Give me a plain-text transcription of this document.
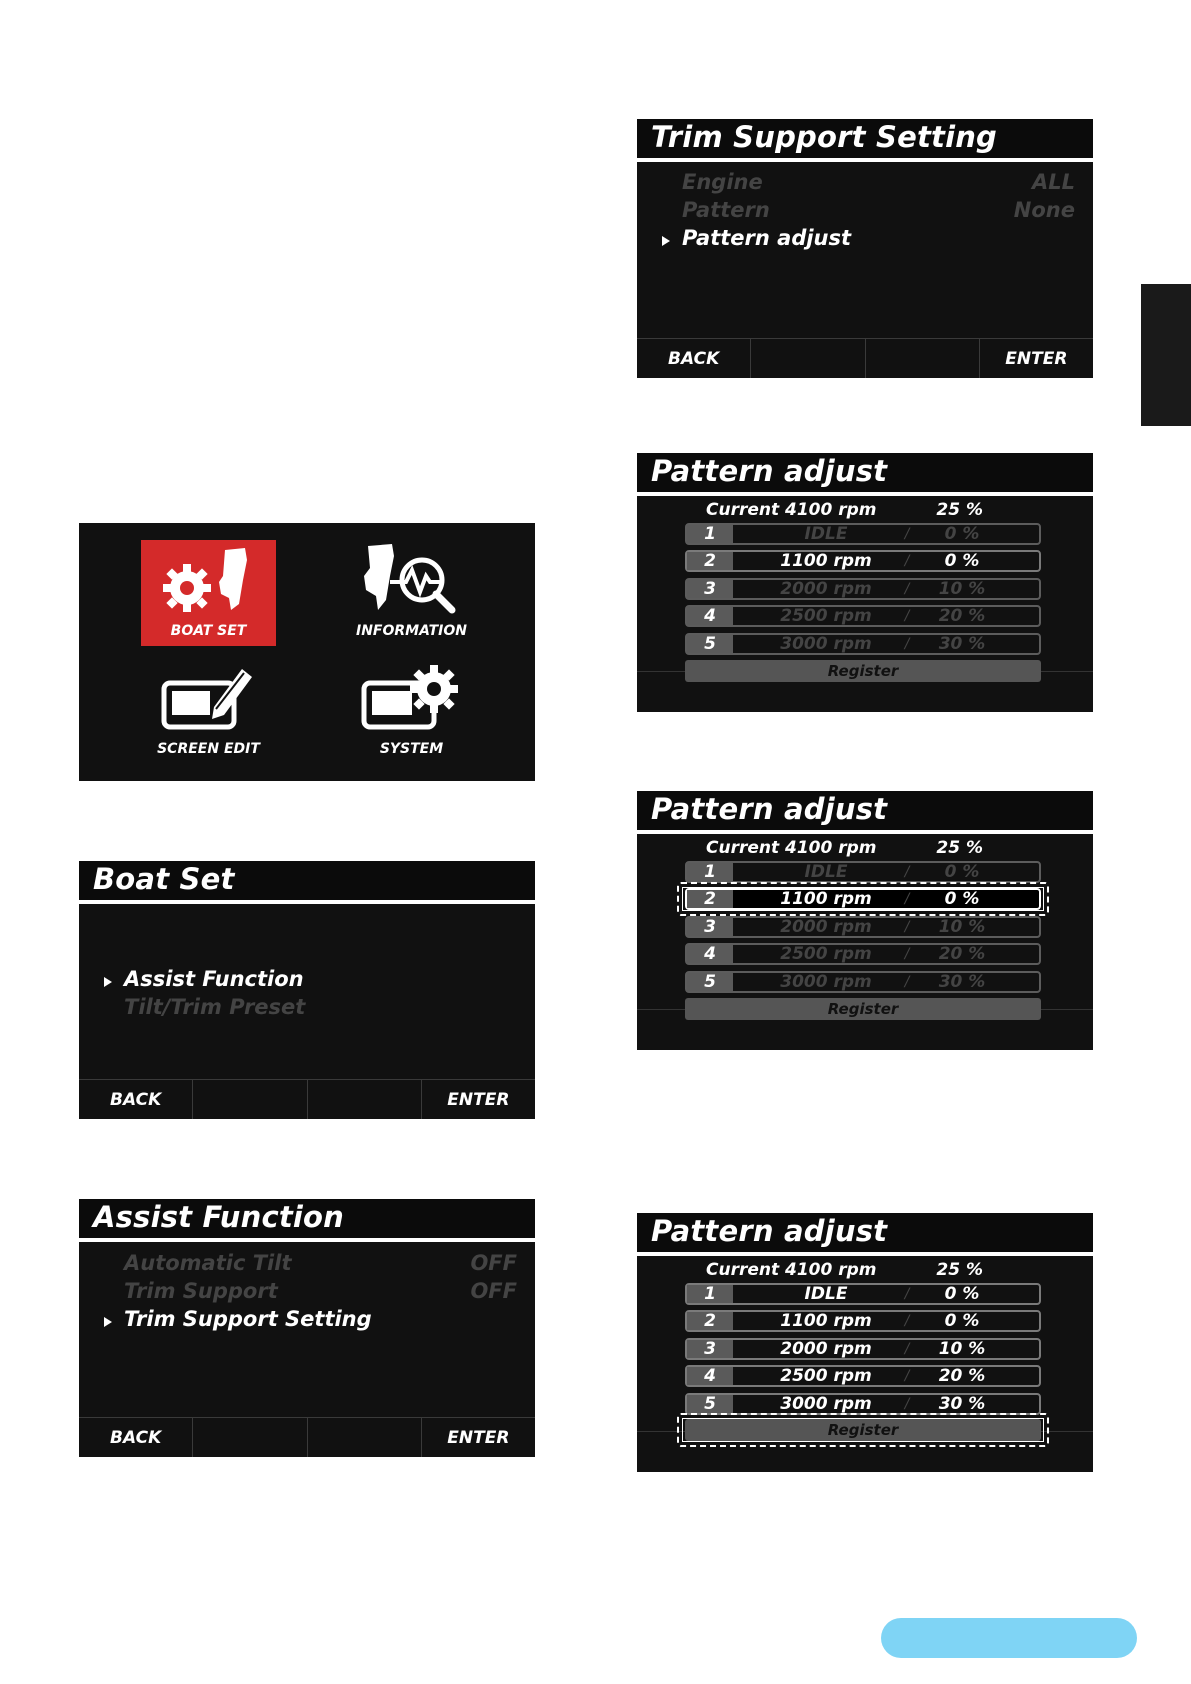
BOAT SET	INFORMATION
SCREEN EDIT	SYSTEM
Boat Set
Assist Function
Tilt/Trim Preset
BACK	ENTER
Assist Function
Automatic Tilt	OFF
Trim Support	OFF
Trim Support Setting
BACK	ENTER
Trim Support Setting
Engine	ALL
Pattern	None
Pattern adjust
BACK	ENTER
Pattern adjust
Current 4100 rpm	25 %
1	IDLE	/	0 %
2	1100 rpm	/	0 %
3	2000 rpm	/	10 %
4	2500 rpm	/	20 %
5	3000 rpm	/	30 %
Register
Pattern adjust
Current 4100 rpm	25 %
1	IDLE	/	0 %
2	1100 rpm	/	0 %
3	2000 rpm	/	10 %
4	2500 rpm	/	20 %
5	3000 rpm	/	30 %
Register
Pattern adjust
Current 4100 rpm	25 %
1	IDLE	/	0 %
2	1100 rpm	/	0 %
3	2000 rpm	/	10 %
4	2500 rpm	/	20 %
5	3000 rpm	/	30 %
Register
